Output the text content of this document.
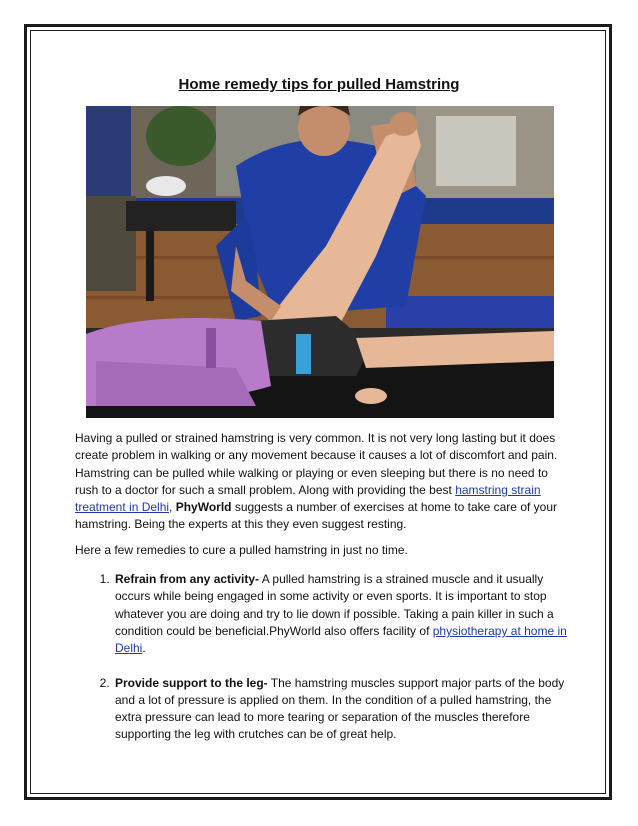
Home remedy tips for pulled Hamstring

Having a pulled or strained hamstring is very common. It is not very long lasting but it does create problem in walking or any movement because it causes a lot of discomfort and pain. Hamstring can be pulled while walking or playing or even sleeping but there is no need to rush to a doctor for such a small problem. Along with providing the best hamstring strain treatment in Delhi, PhyWorld suggests a number of exercises at home to take care of your hamstring. Being the experts at this they even suggest resting.

Here a few remedies to cure a pulled hamstring in just no time.

1. Refrain from any activity- A pulled hamstring is a strained muscle and it usually occurs while being engaged in some activity or even sports. It is important to stop whatever you are doing and try to lie down if possible. Taking a pain killer in such a condition could be beneficial.PhyWorld also offers facility of physiotherapy at home in Delhi.
2. Provide support to the leg- The hamstring muscles support major parts of the body and a lot of pressure is applied on them. In the condition of a pulled hamstring, the extra pressure can lead to more tearing or separation of the muscles therefore supporting the leg with crutches can be of great help.
